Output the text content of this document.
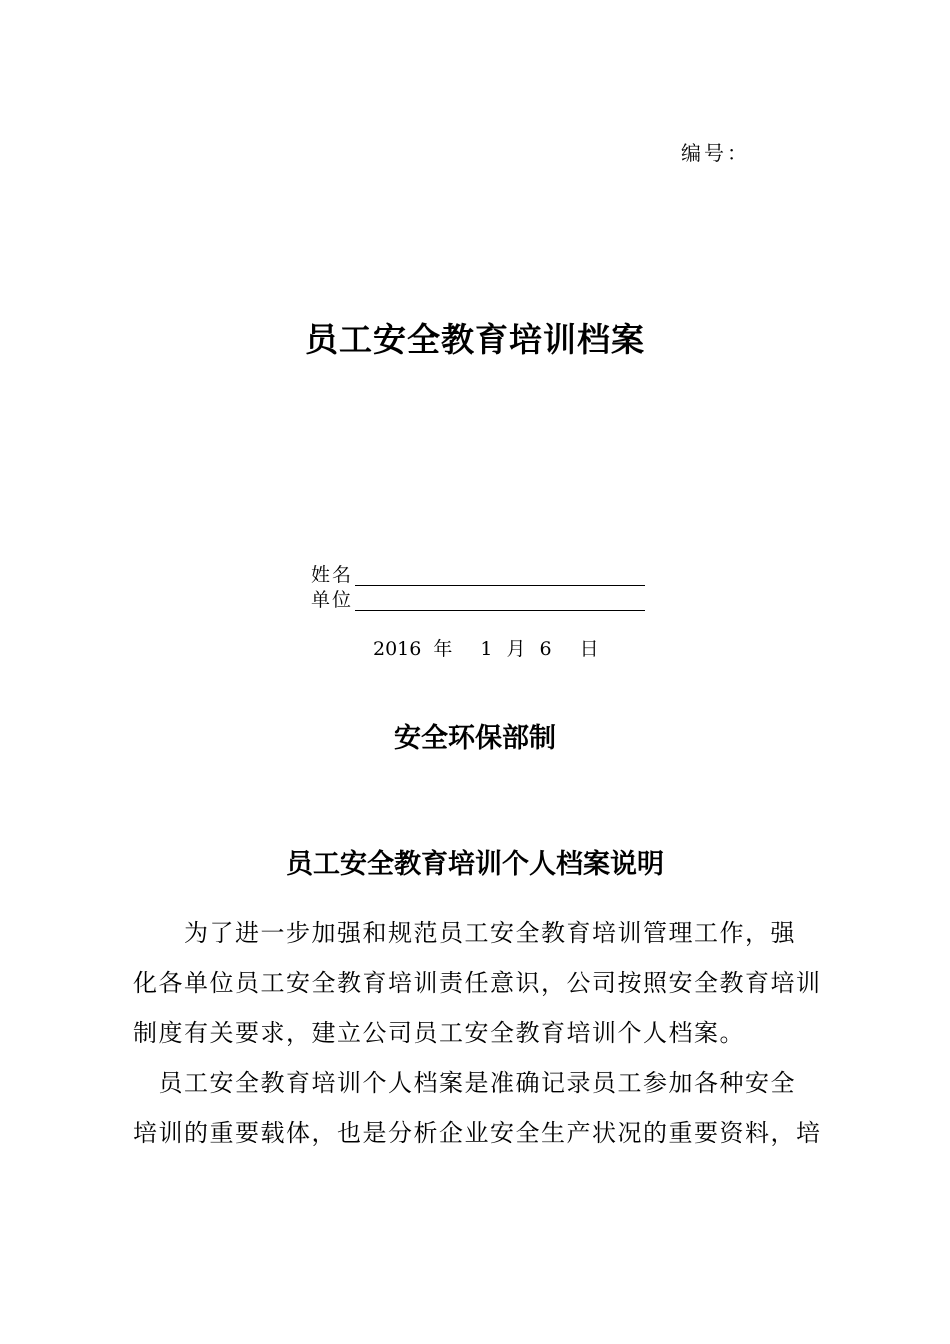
编号：
员工安全教育培训档案
姓名
单位
2016 年 1 月 6 日
安全环保部制
员工安全教育培训个人档案说明
　　为了进一步加强和规范员工安全教育培训管理工作，强
化各单位员工安全教育培训责任意识，公司按照安全教育培训
制度有关要求，建立公司员工安全教育培训个人档案。
　员工安全教育培训个人档案是准确记录员工参加各种安全
培训的重要载体，也是分析企业安全生产状况的重要资料，培
